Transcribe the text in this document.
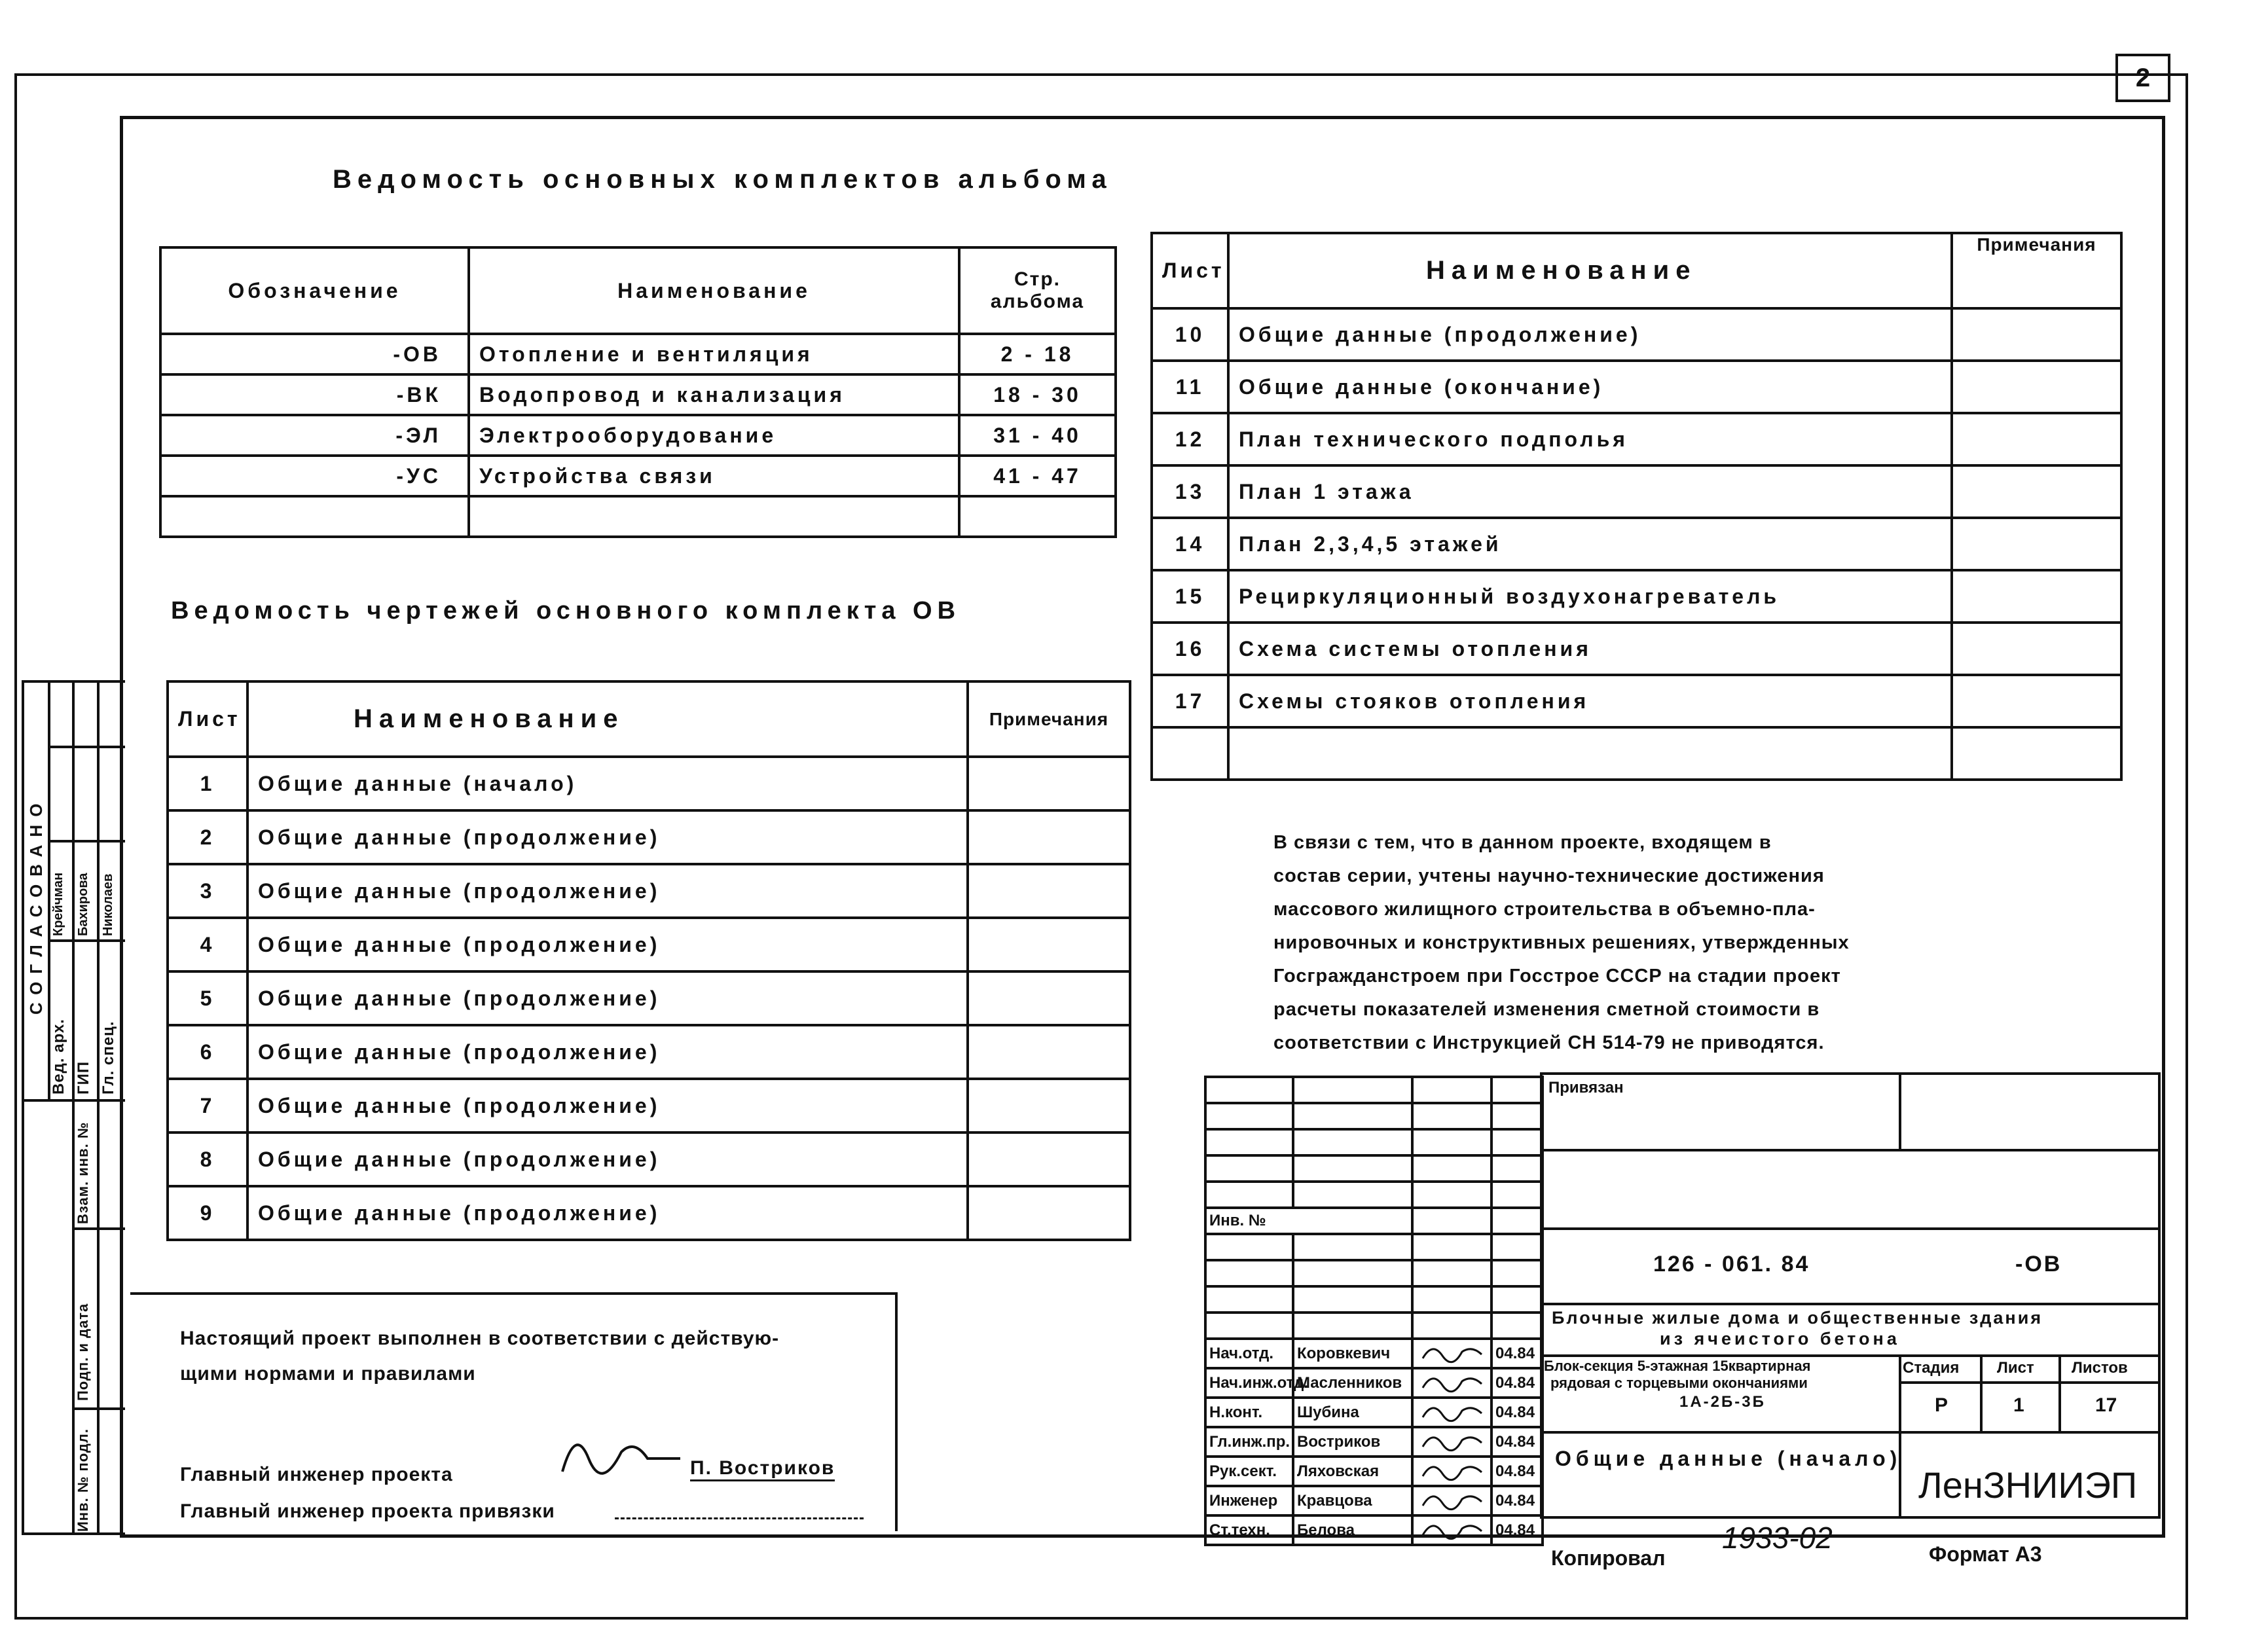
2
Ведомость основных комплектов альбома
Обозначение	Наименование	Стр. альбома
-ОВ	Отопление и вентиляция	2 - 18
-ВК	Водопровод и канализация	18 - 30
-ЭЛ	Электрооборудование	31 - 40
-УС	Устройства связи	41 - 47

Ведомость чертежей основного комплекта ОВ
Лист	Наименование	Примечания
1	Общие данные (начало)	
2	Общие данные (продолжение)	
3	Общие данные (продолжение)	
4	Общие данные (продолжение)	
5	Общие данные (продолжение)	
6	Общие данные (продолжение)	
7	Общие данные (продолжение)	
8	Общие данные (продолжение)	
9	Общие данные (продолжение)	
Лист	Наименование	Примечания
10	Общие данные (продолжение)	
11	Общие данные (окончание)	
12	План технического подполья	
13	План 1 этажа	
14	План 2,3,4,5 этажей	
15	Рециркуляционный воздухонагреватель	
16	Схема системы отопления	
17	Схемы стояков отопления	

В связи с тем, что в данном проекте, входящем в
состав серии, учтены научно-технические достижения
массового жилищного строительства в объемно-пла-
нировочных и конструктивных решениях, утвержденных
Госгражданстроем при Госстрое СССР на стадии проект
расчеты показателей изменения сметной стоимости в
соответствии с Инструкцией СН 514-79 не приводятся.
Настоящий проект выполнен в соответствии с действую-
щими нормами и правилами
Главный инженер проекта	П. Востриков
Главный инженер проекта привязки
СОГЛАСОВАНО
Вед. арх. ГИП Гл. спец.
Крейчман Бахирова Николаев
Взам. инв. №
Подп. и дата
Инв. № подл.

Инв. №			

Нач.отд.	Коровкевич		04.84
Нач.инж.отд.	Масленников		04.84
Н.конт.	Шубина		04.84
Гл.инж.пр.	Востриков		04.84
Рук.сект.	Ляховская		04.84
Инженер	Кравцова		04.84
Ст.техн.	Белова		04.84
Привязан
126 - 061. 84	-ОВ
Блочные жилые дома и общественные здания
из ячеистого бетона
Блок-секция 5-этажная 15квартирная
рядовая с торцевыми окончаниями
1А-2Б-3Б
Стадия Лист Листов
Р	1	17
Общие данные (начало)
ЛенЗНИИЭП
Копировал
1933-02	Формат А3
